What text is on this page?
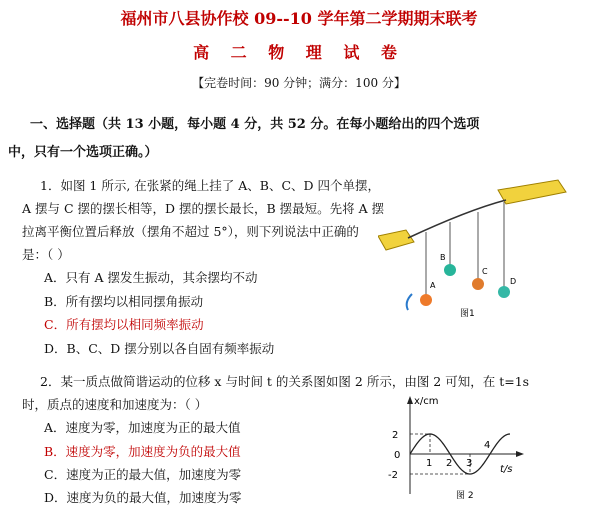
福州市八县协作校 09--10 学年第二学期期末联考
高 二 物 理 试 卷
【完卷时间：90 分钟；满分：100 分】
一、选择题（共 13 小题，每小题 4 分，共 52 分。在每小题给出的四个选项
中，只有一个选项正确。）
1．如图 1 所示, 在张紧的绳上挂了 A、B、C、D 四个单摆，
A 摆与 C 摆的摆长相等，D 摆的摆长最长，B 摆最短。先将 A 摆
拉离平衡位置后释放（摆角不超过 5°），则下列说法中正确的
是：（ ）
A．只有 A 摆发生振动，其余摆均不动
B．所有摆均以相同摆角振动
C．所有摆均以相同频率振动
D．B、C、D 摆分别以各自固有频率振动
A
B
C
D
图1
2．某一质点做简谐运动的位移 x 与时间 t 的关系图如图 2 所示，由图 2 可知，在 t=1s
时，质点的速度和加速度为：（ ）
A．速度为零，加速度为正的最大值
B．速度为零，加速度为负的最大值
C．速度为正的最大值，加速度为零
D．速度为负的最大值，加速度为零
x/cm
t/s
2
0
-2
1 2 3
4
图 2
